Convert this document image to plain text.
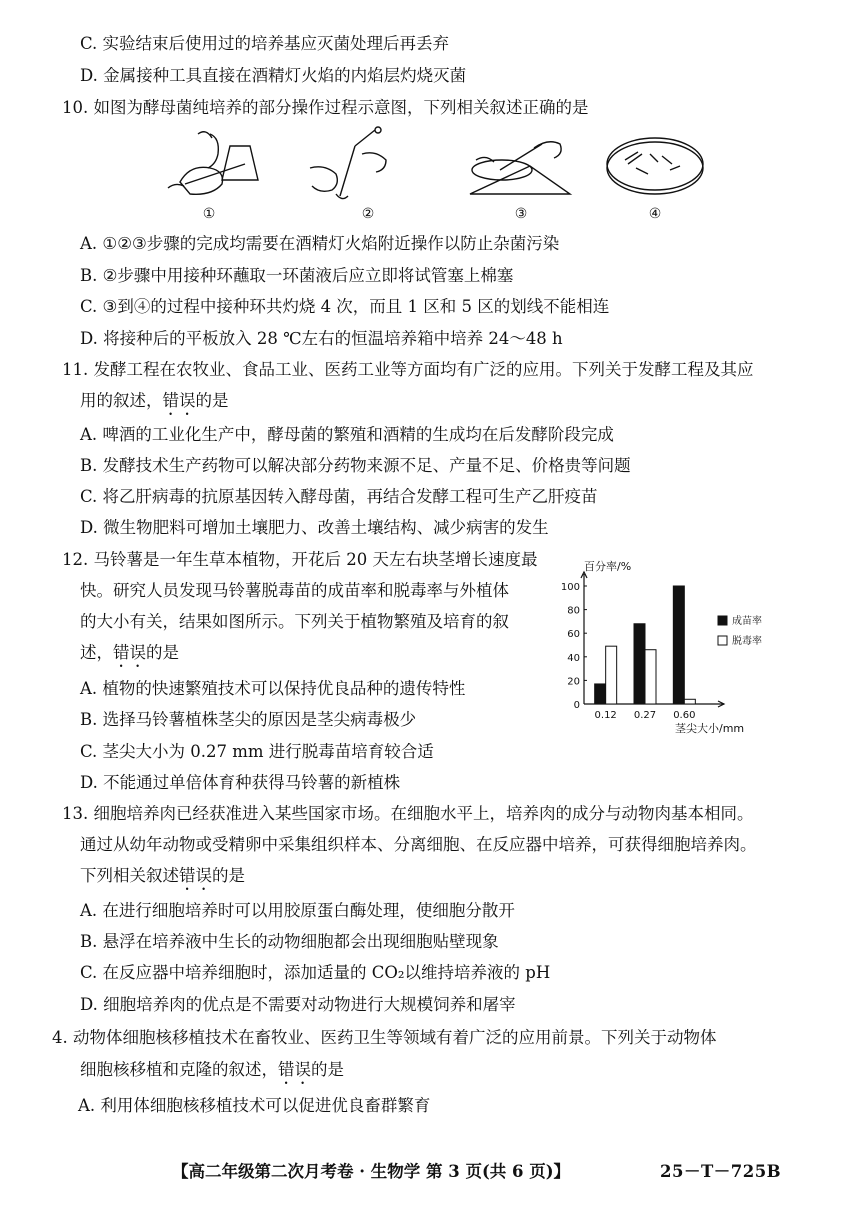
C. 实验结束后使用过的培养基应灭菌处理后再丢弃
D. 金属接种工具直接在酒精灯火焰的内焰层灼烧灭菌
10. 如图为酵母菌纯培养的部分操作过程示意图，下列相关叙述正确的是
①	②	③	④
A. ①②③步骤的完成均需要在酒精灯火焰附近操作以防止杂菌污染
B. ②步骤中用接种环蘸取一环菌液后应立即将试管塞上棉塞
C. ③到④的过程中接种环共灼烧 4 次，而且 1 区和 5 区的划线不能相连
D. 将接种后的平板放入 28 ℃左右的恒温培养箱中培养 24～48 h
11. 发酵工程在农牧业、食品工业、医药工业等方面均有广泛的应用。下列关于发酵工程及其应
用的叙述，错误的是
A. 啤酒的工业化生产中，酵母菌的繁殖和酒精的生成均在后发酵阶段完成
B. 发酵技术生产药物可以解决部分药物来源不足、产量不足、价格贵等问题
C. 将乙肝病毒的抗原基因转入酵母菌，再结合发酵工程可生产乙肝疫苗
D. 微生物肥料可增加土壤肥力、改善土壤结构、减少病害的发生
12. 马铃薯是一年生草本植物，开花后 20 天左右块茎增长速度最
快。研究人员发现马铃薯脱毒苗的成苗率和脱毒率与外植体
的大小有关，结果如图所示。下列关于植物繁殖及培育的叙
述，错误的是
A. 植物的快速繁殖技术可以保持优良品种的遗传特性
B. 选择马铃薯植株茎尖的原因是茎尖病毒极少
C. 茎尖大小为 0.27 mm 进行脱毒苗培育较合适
D. 不能通过单倍体育种获得马铃薯的新植株
百分率/%
0
20
40
60
80
100
0.12 0.27 0.60
成苗率
脱毒率
茎尖大小/mm
13. 细胞培养肉已经获准进入某些国家市场。在细胞水平上，培养肉的成分与动物肉基本相同。
通过从幼年动物或受精卵中采集组织样本、分离细胞、在反应器中培养，可获得细胞培养肉。
下列相关叙述错误的是
A. 在进行细胞培养时可以用胶原蛋白酶处理，使细胞分散开
B. 悬浮在培养液中生长的动物细胞都会出现细胞贴壁现象
C. 在反应器中培养细胞时，添加适量的 CO₂以维持培养液的 pH
D. 细胞培养肉的优点是不需要对动物进行大规模饲养和屠宰
4. 动物体细胞核移植技术在畜牧业、医药卫生等领域有着广泛的应用前景。下列关于动物体
细胞核移植和克隆的叙述，错误的是
A. 利用体细胞核移植技术可以促进优良畜群繁育
【高二年级第二次月考卷 · 生物学 第 3 页(共 6 页)】	25－T－725B
